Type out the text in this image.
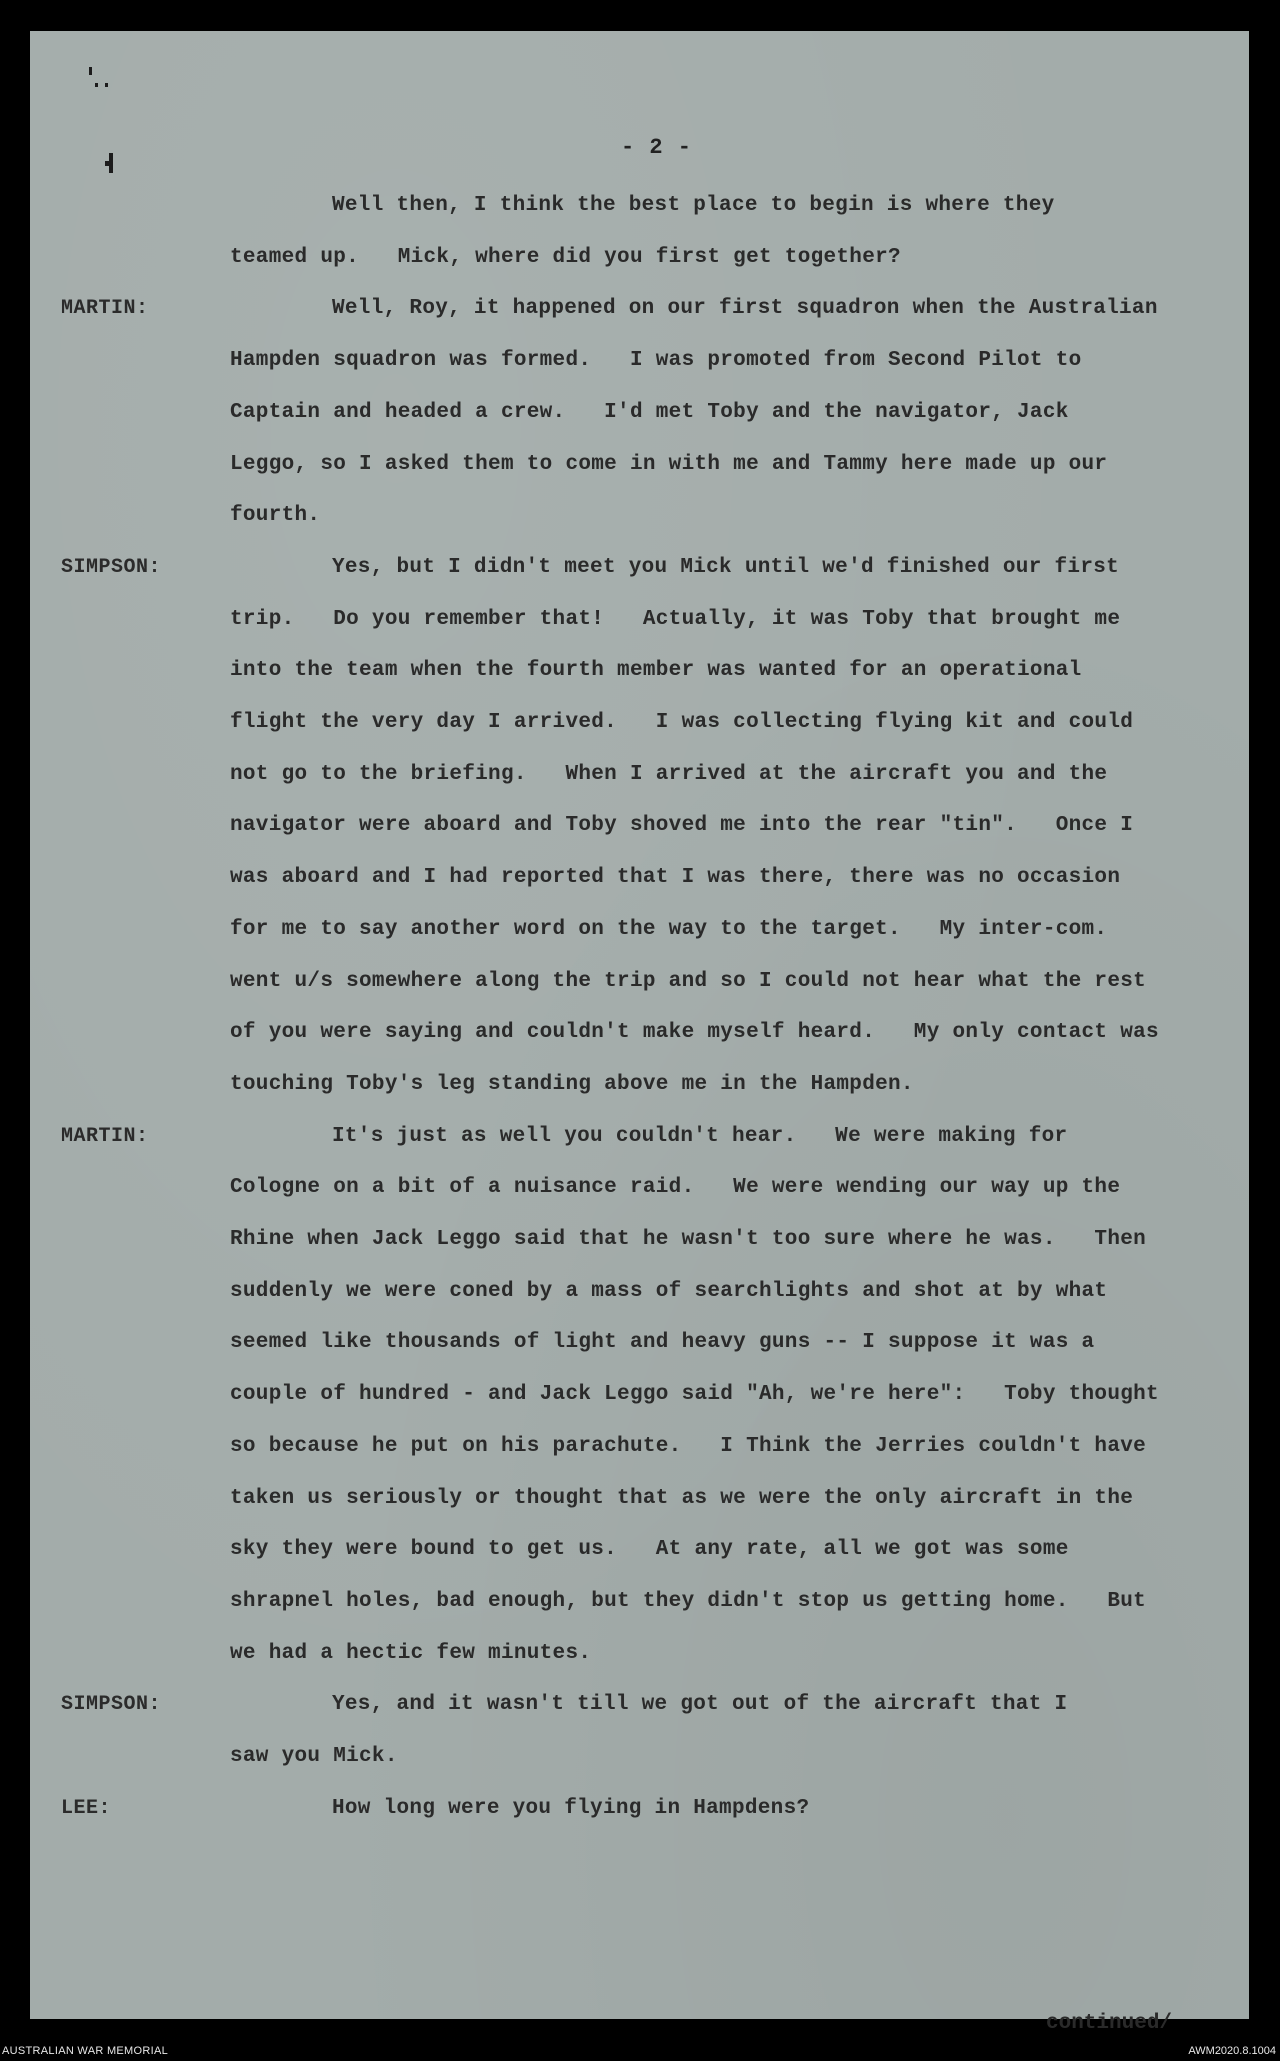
- 2 -
Well then, I think the best place to begin is where they
teamed up.   Mick, where did you first get together?
MARTIN:	Well, Roy, it happened on our first squadron when the Australian
Hampden squadron was formed.   I was promoted from Second Pilot to
Captain and headed a crew.   I'd met Toby and the navigator, Jack
Leggo, so I asked them to come in with me and Tammy here made up our
fourth.
SIMPSON:	Yes, but I didn't meet you Mick until we'd finished our first
trip.   Do you remember that!   Actually, it was Toby that brought me
into the team when the fourth member was wanted for an operational
flight the very day I arrived.   I was collecting flying kit and could
not go to the briefing.   When I arrived at the aircraft you and the
navigator were aboard and Toby shoved me into the rear "tin".   Once I
was aboard and I had reported that I was there, there was no occasion
for me to say another word on the way to the target.   My inter-com.
went u/s somewhere along the trip and so I could not hear what the rest
of you were saying and couldn't make myself heard.   My only contact was
touching Toby's leg standing above me in the Hampden.
MARTIN:	It's just as well you couldn't hear.   We were making for
Cologne on a bit of a nuisance raid.   We were wending our way up the
Rhine when Jack Leggo said that he wasn't too sure where he was.   Then
suddenly we were coned by a mass of searchlights and shot at by what
seemed like thousands of light and heavy guns -- I suppose it was a
couple of hundred - and Jack Leggo said "Ah, we're here":   Toby thought
so because he put on his parachute.   I Think the Jerries couldn't have
taken us seriously or thought that as we were the only aircraft in the
sky they were bound to get us.   At any rate, all we got was some
shrapnel holes, bad enough, but they didn't stop us getting home.   But
we had a hectic few minutes.
SIMPSON:	Yes, and it wasn't till we got out of the aircraft that I
saw you Mick.
LEE:	How long were you flying in Hampdens?
continued/
AUSTRALIAN WAR MEMORIAL	AWM2020.8.1004
